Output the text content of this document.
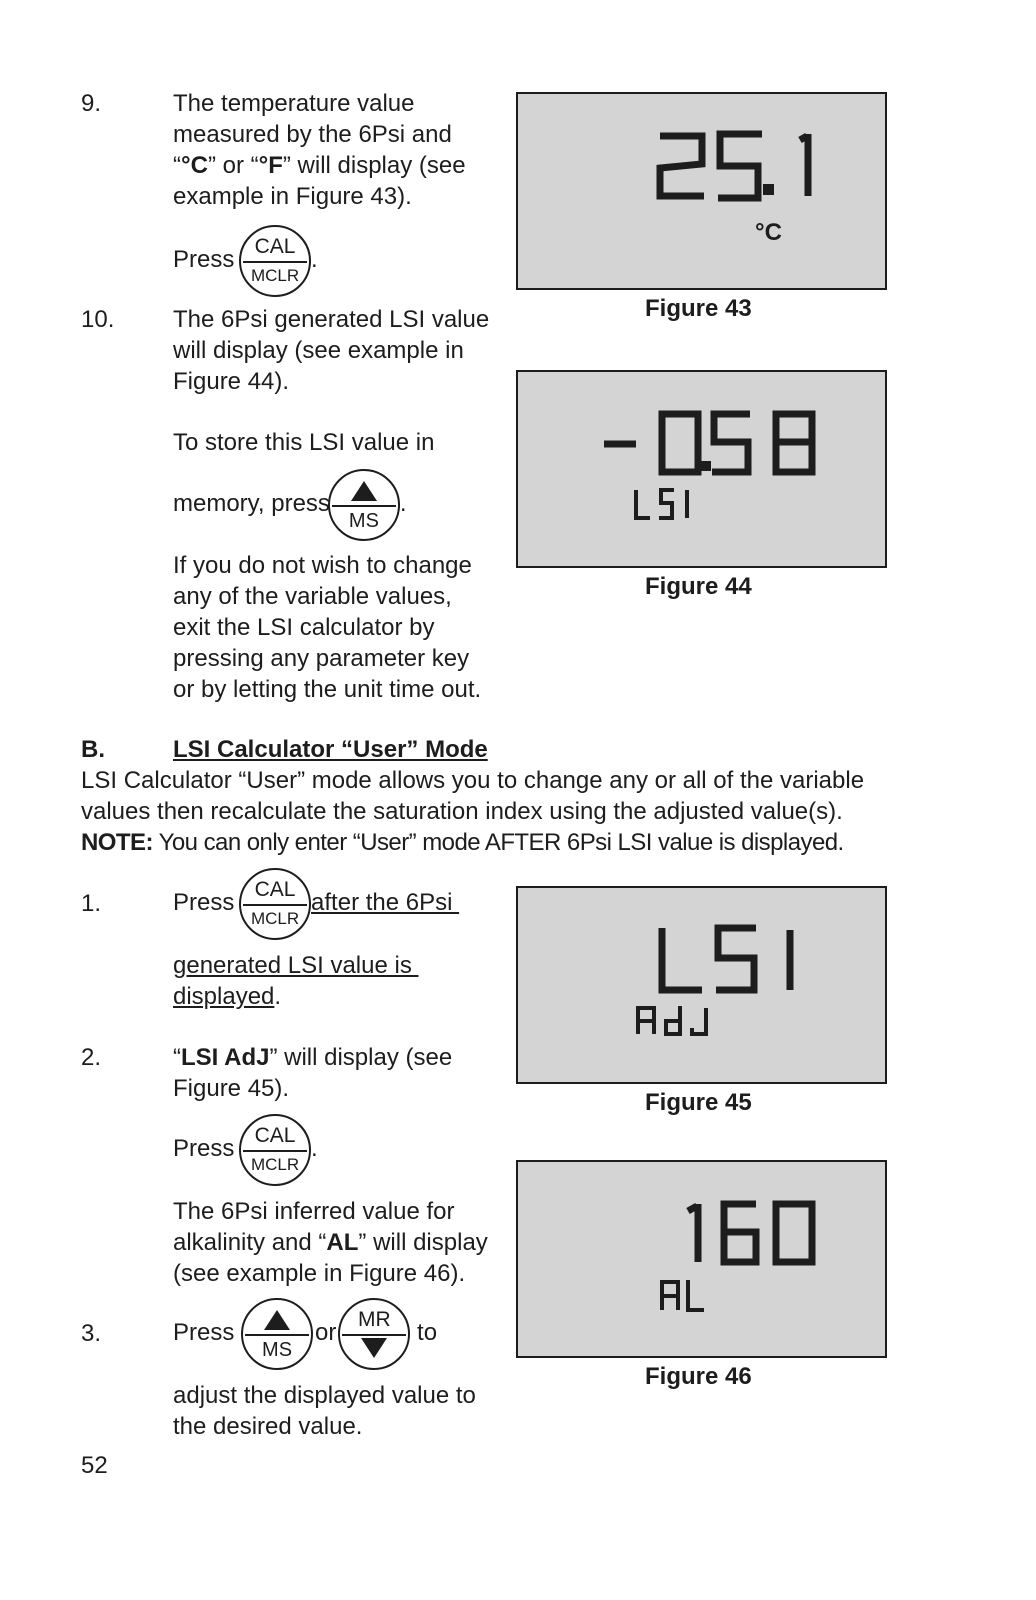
9.	The temperature value
measured by the 6Psi and
“°C” or “°F” will display (see
example in Figure 43).
Press CAL
MCLR
.
10. The 6Psi generated LSI value
will display (see example in
Figure 44).
To store this LSI value in
memory, press
MS
.
If you do not wish to change
any of the variable values,
exit the LSI calculator by
pressing any parameter key
or by letting the unit time out.
B.	LSI Calculator “User” Mode
LSI Calculator “User” mode allows you to change any or all of the variable
values then recalculate the saturation index using the adjusted value(s).
NOTE: You can only enter “User” mode AFTER 6Psi LSI value is displayed.
1.	Press CAL
MCLR
after the 6Psi
generated LSI value is
displayed.
2.	“LSI AdJ” will display (see
Figure 45).
Press CAL
MCLR
.
The 6Psi inferred value for
alkalinity and “AL” will display
(see example in Figure 46).
3.	Press
MS
or	MR	to
adjust the displayed value to
the desired value.
52
°C
Figure 43
Figure 44
Figure 45
Figure 46
